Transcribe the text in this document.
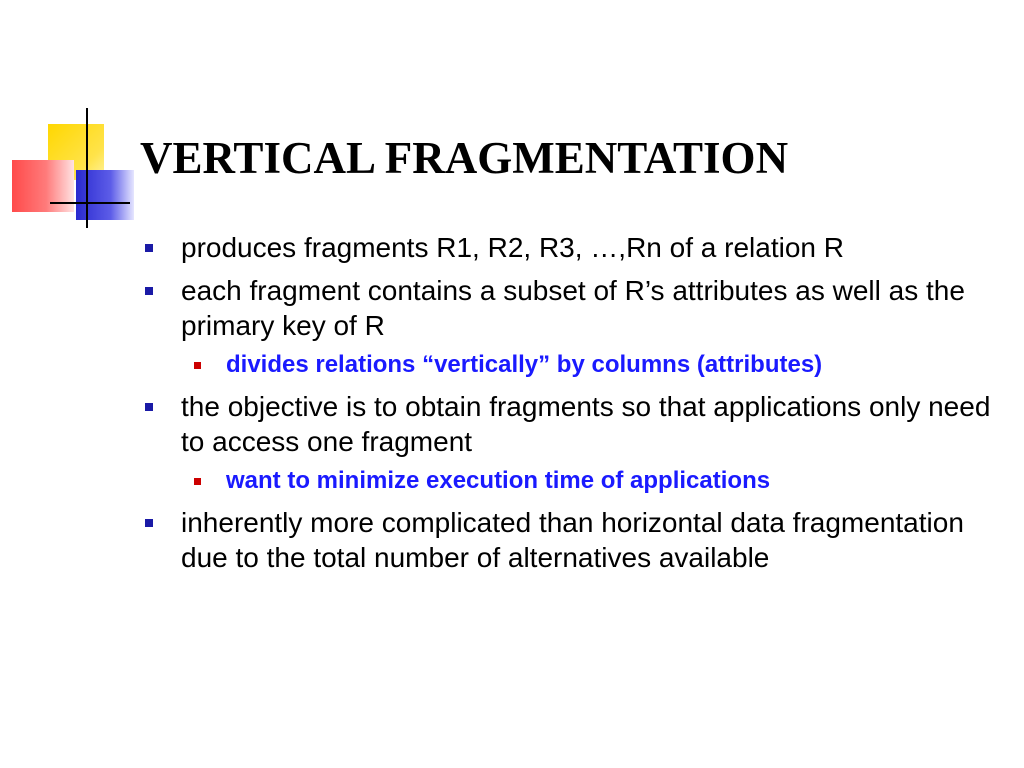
VERTICAL FRAGMENTATION
produces fragments R1, R2, R3, …,Rn of a relation R
each fragment contains a subset of R’s attributes as well as the primary key of R
divides relations “vertically” by columns (attributes)
the objective is to obtain fragments so that applications only need to access one fragment
want to minimize execution time of applications
inherently more complicated than horizontal data fragmentation due to the total number of alternatives available
